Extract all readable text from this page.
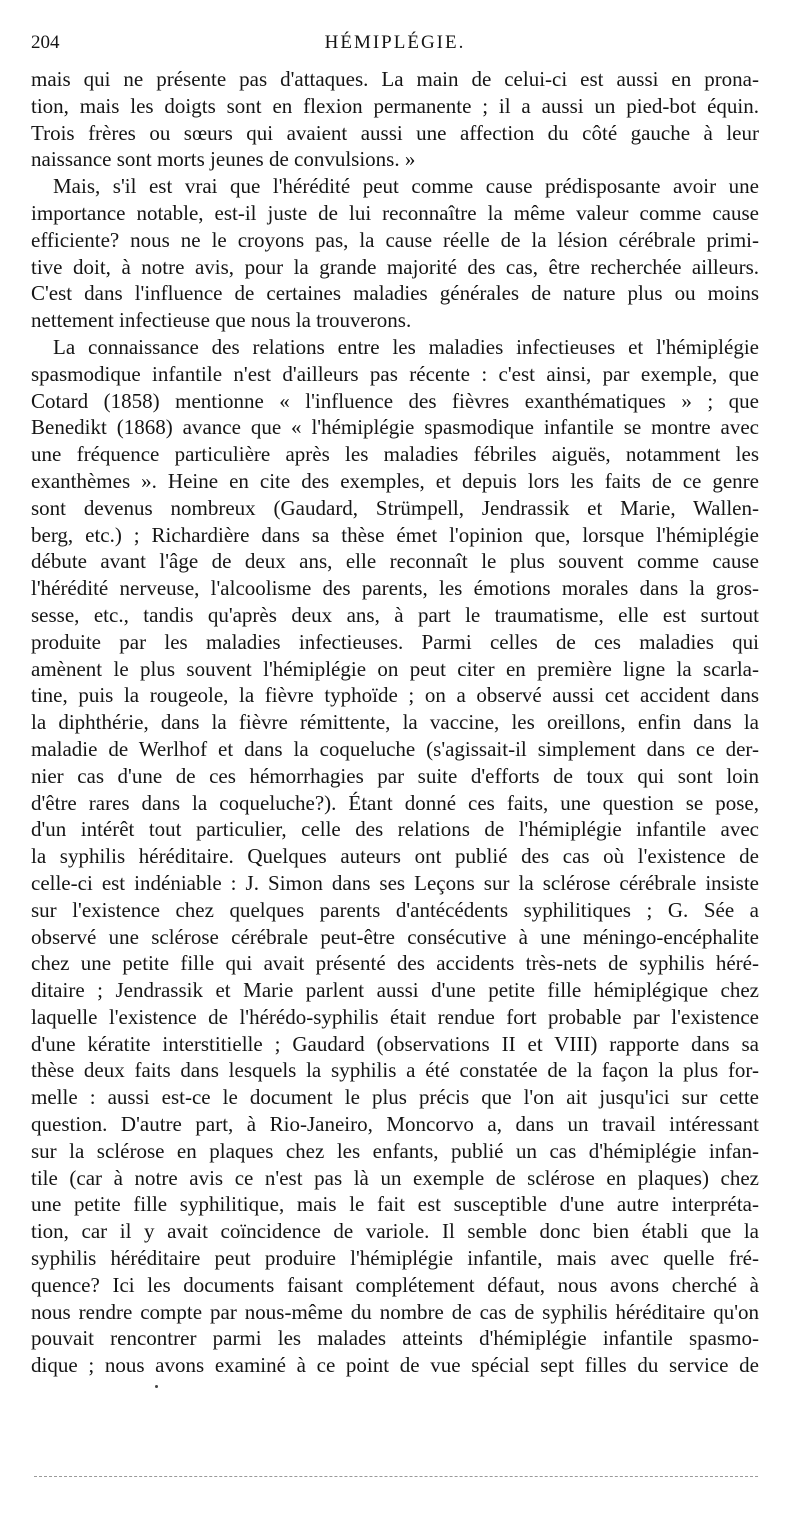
204	HÉMIPLÉGIE.
mais qui ne présente pas d'attaques. La main de celui-ci est aussi en prona-
tion, mais les doigts sont en flexion permanente ; il a aussi un pied-bot équin.
Trois frères ou sœurs qui avaient aussi une affection du côté gauche à leur
naissance sont morts jeunes de convulsions. »
Mais, s'il est vrai que l'hérédité peut comme cause prédisposante avoir une
importance notable, est-il juste de lui reconnaître la même valeur comme cause
efficiente? nous ne le croyons pas, la cause réelle de la lésion cérébrale primi-
tive doit, à notre avis, pour la grande majorité des cas, être recherchée ailleurs.
C'est dans l'influence de certaines maladies générales de nature plus ou moins
nettement infectieuse que nous la trouverons.
La connaissance des relations entre les maladies infectieuses et l'hémiplégie
spasmodique infantile n'est d'ailleurs pas récente : c'est ainsi, par exemple, que
Cotard (1858) mentionne « l'influence des fièvres exanthématiques » ; que
Benedikt (1868) avance que « l'hémiplégie spasmodique infantile se montre avec
une fréquence particulière après les maladies fébriles aiguës, notamment les
exanthèmes ». Heine en cite des exemples, et depuis lors les faits de ce genre
sont devenus nombreux (Gaudard, Strümpell, Jendrassik et Marie, Wallen-
berg, etc.) ; Richardière dans sa thèse émet l'opinion que, lorsque l'hémiplégie
débute avant l'âge de deux ans, elle reconnaît le plus souvent comme cause
l'hérédité nerveuse, l'alcoolisme des parents, les émotions morales dans la gros-
sesse, etc., tandis qu'après deux ans, à part le traumatisme, elle est surtout
produite par les maladies infectieuses. Parmi celles de ces maladies qui
amènent le plus souvent l'hémiplégie on peut citer en première ligne la scarla-
tine, puis la rougeole, la fièvre typhoïde ; on a observé aussi cet accident dans
la diphthérie, dans la fièvre rémittente, la vaccine, les oreillons, enfin dans la
maladie de Werlhof et dans la coqueluche (s'agissait-il simplement dans ce der-
nier cas d'une de ces hémorrhagies par suite d'efforts de toux qui sont loin
d'être rares dans la coqueluche?). Étant donné ces faits, une question se pose,
d'un intérêt tout particulier, celle des relations de l'hémiplégie infantile avec
la syphilis héréditaire. Quelques auteurs ont publié des cas où l'existence de
celle-ci est indéniable : J. Simon dans ses Leçons sur la sclérose cérébrale insiste
sur l'existence chez quelques parents d'antécédents syphilitiques ; G. Sée a
observé une sclérose cérébrale peut-être consécutive à une méningo-encéphalite
chez une petite fille qui avait présenté des accidents très-nets de syphilis héré-
ditaire ; Jendrassik et Marie parlent aussi d'une petite fille hémiplégique chez
laquelle l'existence de l'hérédo-syphilis était rendue fort probable par l'existence
d'une kératite interstitielle ; Gaudard (observations II et VIII) rapporte dans sa
thèse deux faits dans lesquels la syphilis a été constatée de la façon la plus for-
melle : aussi est-ce le document le plus précis que l'on ait jusqu'ici sur cette
question. D'autre part, à Rio-Janeiro, Moncorvo a, dans un travail intéressant
sur la sclérose en plaques chez les enfants, publié un cas d'hémiplégie infan-
tile (car à notre avis ce n'est pas là un exemple de sclérose en plaques) chez
une petite fille syphilitique, mais le fait est susceptible d'une autre interpréta-
tion, car il y avait coïncidence de variole. Il semble donc bien établi que la
syphilis héréditaire peut produire l'hémiplégie infantile, mais avec quelle fré-
quence? Ici les documents faisant complétement défaut, nous avons cherché à
nous rendre compte par nous-même du nombre de cas de syphilis héréditaire qu'on
pouvait rencontrer parmi les malades atteints d'hémiplégie infantile spasmo-
dique ; nous avons examiné à ce point de vue spécial sept filles du service de
